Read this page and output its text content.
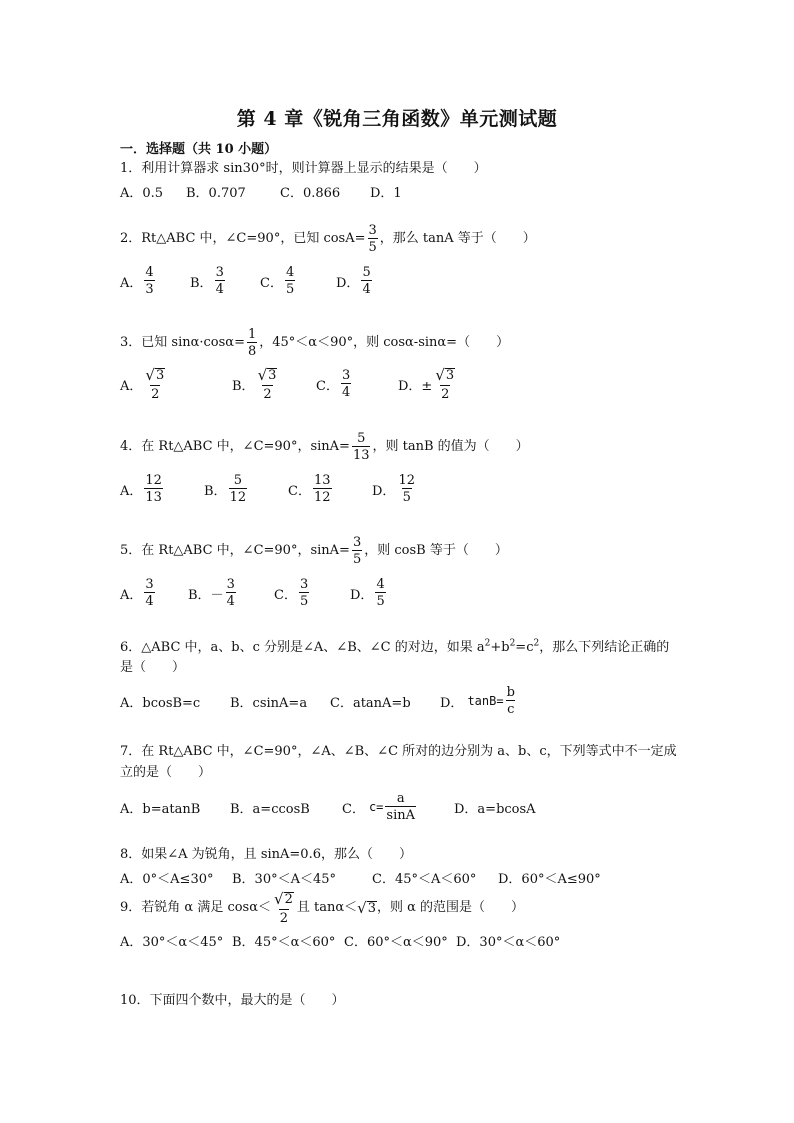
第 4 章《锐角三角函数》单元测试题
一．选择题（共 10 小题）
1．利用计算器求 sin30°时，则计算器上显示的结果是（　　）
A．0.5	B．0.707	C．0.866	D．1
2．Rt△ABC 中，∠C=90°，已知 $\cos A= \frac{3}{5}$ ，那么 tanA 等于（　　）
A． $\frac{4}{3}$	B． $\frac{3}{4}$	C． $\frac{4}{5}$	D． $\frac{5}{4}$
3．已知 $\sin\alpha\cdot\cos\alpha= \frac{1}{8}$ ，45°＜α＜90°，则 cosα-sinα=（　　）
A． $\frac{√ 3}{2}$	B． $\frac{√ 3}{2}$	C． $\frac{3}{4}$	D．± $\frac{√ 3}{2}$
4．在 Rt△ABC 中，∠C=90°，$\sin A= \frac{5}{13}$ ，则 tanB 的值为（　　）
A． $\frac{12}{13}$	B． $\frac{5}{12}$	C． $\frac{13}{12}$	D． $\frac{12}{5}$
5．在 Rt△ABC 中，∠C=90°，$\sin A= \frac{3}{5}$ ，则 cosB 等于（　　）
A． $\frac{3}{4}$	B．－ $\frac{3}{4}$	C． $\frac{3}{5}$	D． $\frac{4}{5}$
6．△ABC 中，a、b、c 分别是∠A、∠B、∠C 的对边，如果 $a^2+b^2=c^2$，那么下列结论正确的
是（　　）
A．bcosB=c	B．csinA=a	C．atanA=b	D． $\tan B= \frac{b}{c}$
7．在 Rt△ABC 中，∠C=90°，∠A、∠B、∠C 所对的边分别为 a、b、c，下列等式中不一定成
立的是（　　）
A．b=atanB	B．a=ccosB	C． $c= \frac{a}{\sin A}$	D．a=bcosA
8．如果∠A 为锐角，且 sinA=0.6，那么（　　）
A．0°＜A≤30°	B．30°＜A＜45°	C．45°＜A＜60°	D．60°＜A≤90°
9．若锐角 α 满足 $\cos\alpha< \frac{√ 2}{2}$ 且 tanα＜ √ 3 ，则 α 的范围是（　　）
A．30°＜α＜45° B．45°＜α＜60° C．60°＜α＜90° D．30°＜α＜60°
10．下面四个数中，最大的是（　　）
